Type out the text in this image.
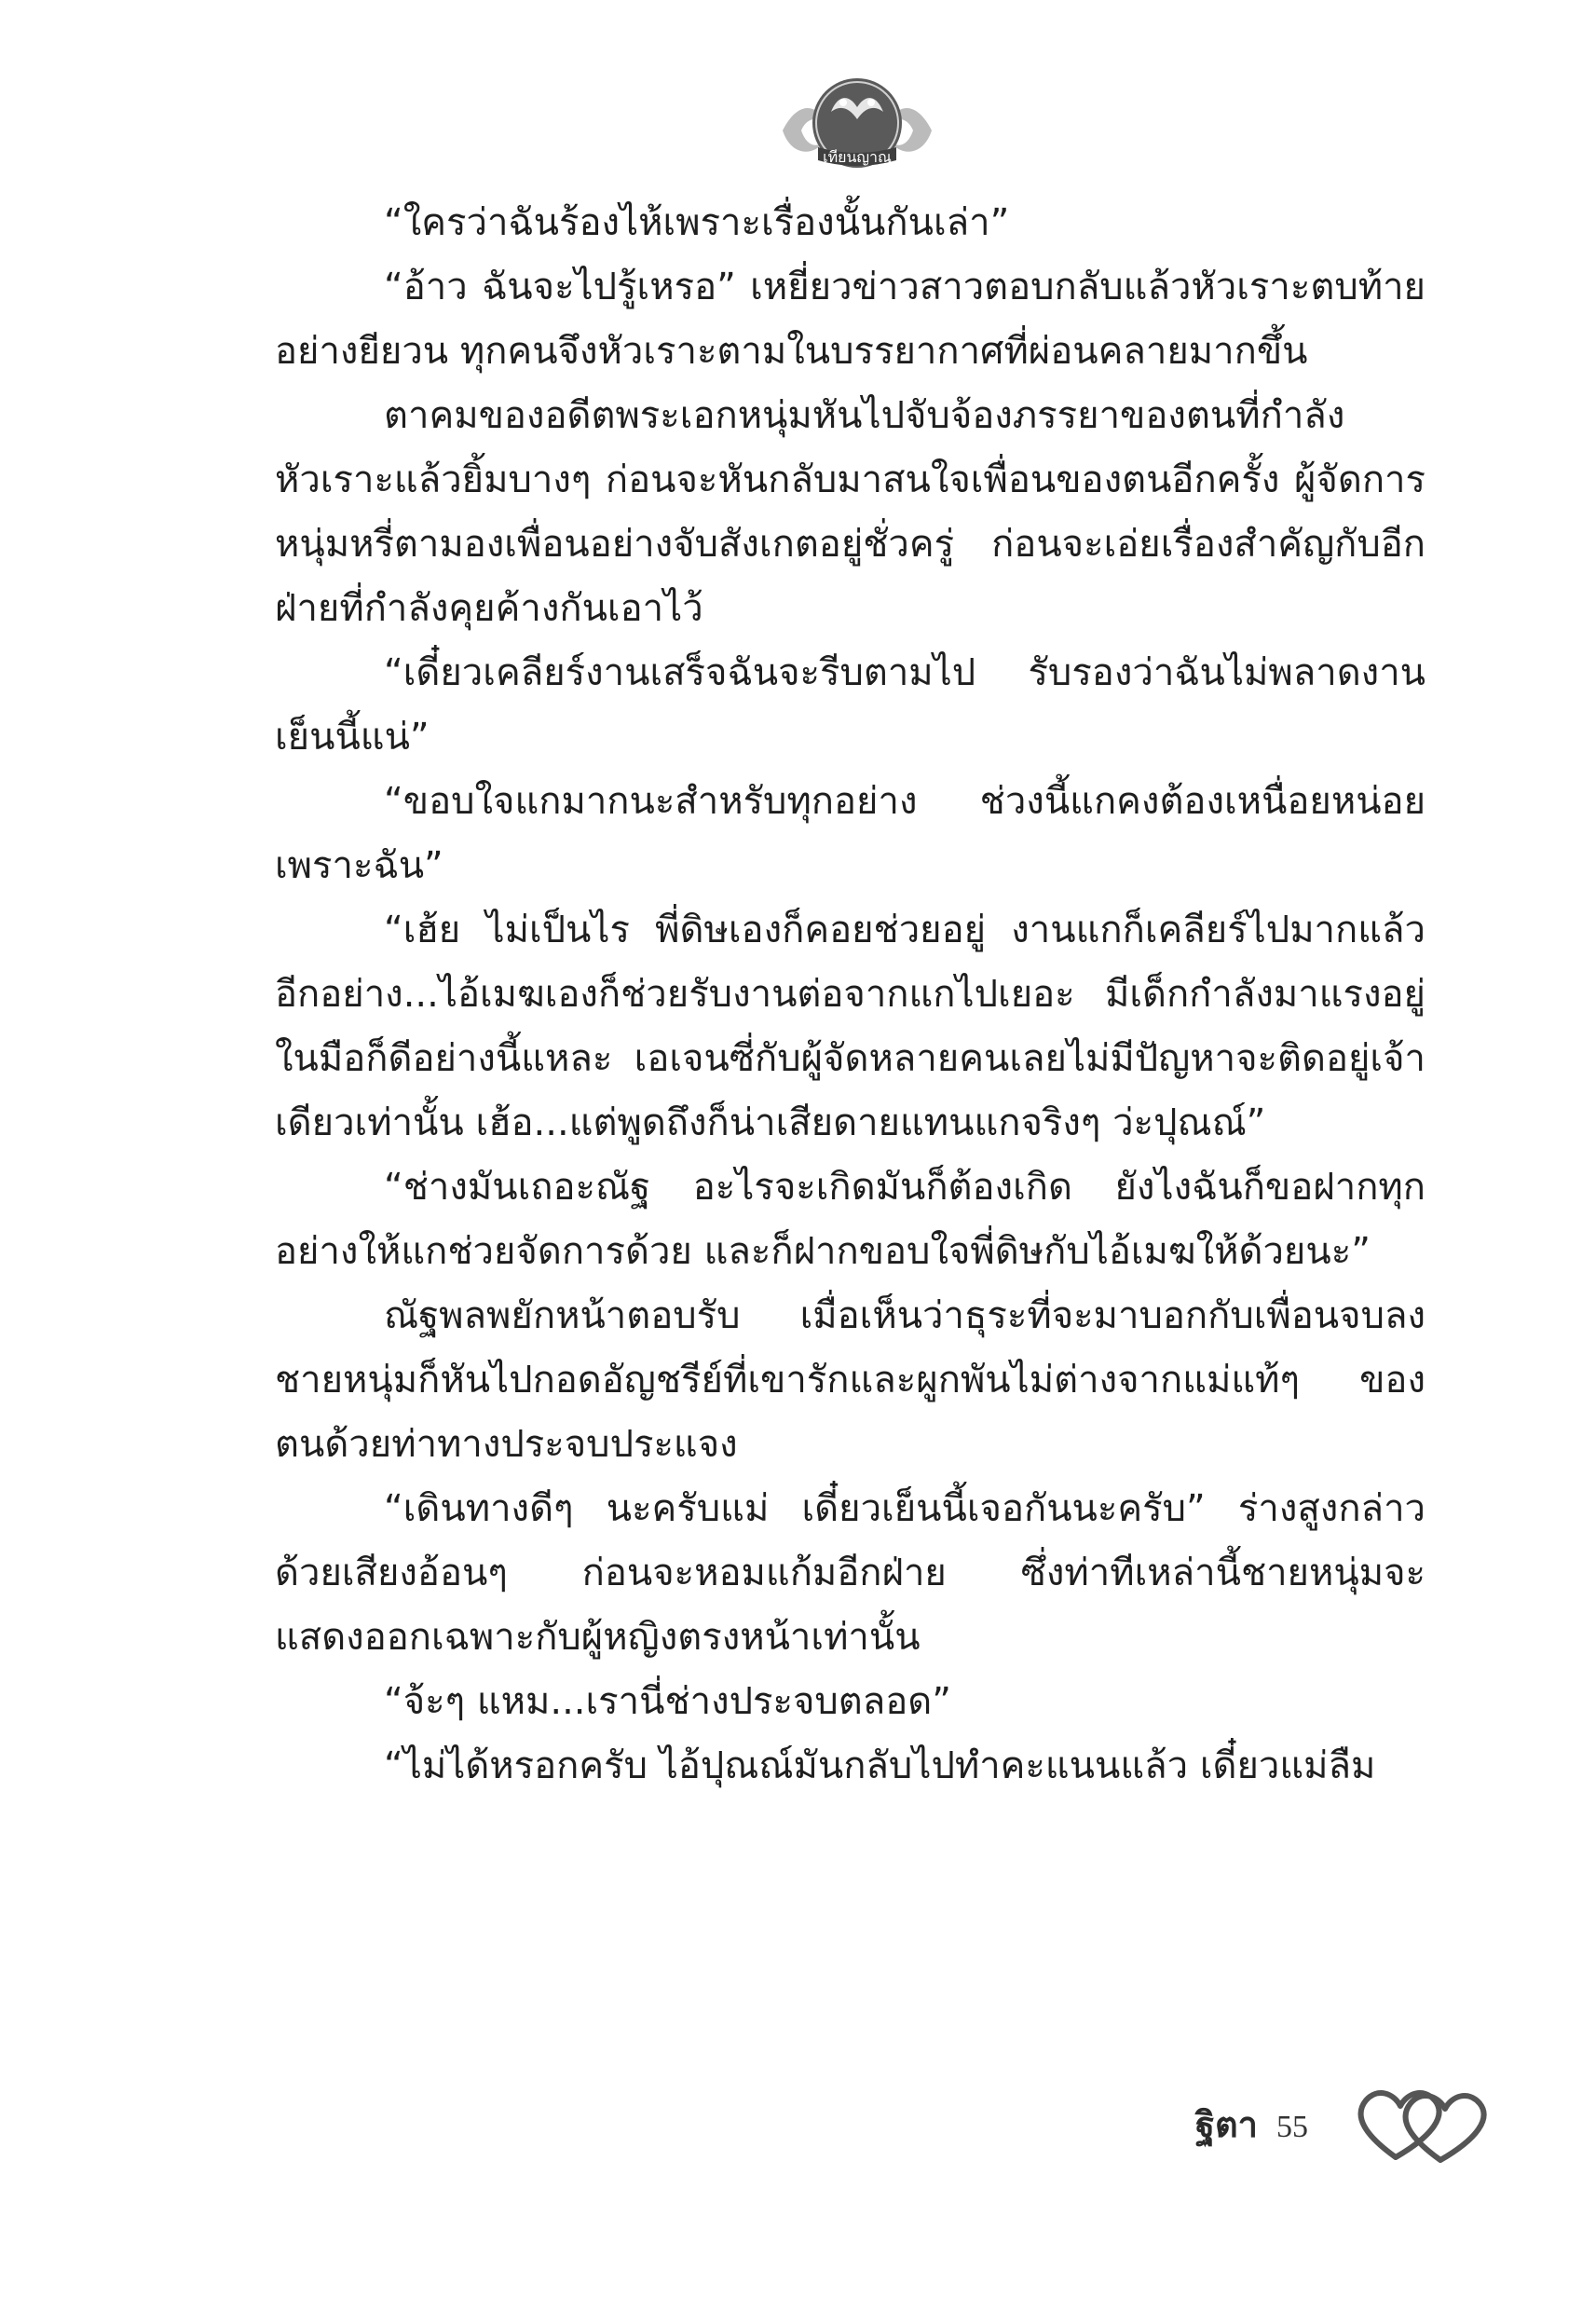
เทียนญาณ

“ใครว่าฉันร้องไห้เพราะเรื่องนั้นกันเล่า”

“อ้าว ฉันจะไปรู้เหรอ” เหยี่ยวข่าวสาวตอบกลับแล้วหัวเราะตบท้ายอย่างยียวน ทุกคนจึงหัวเราะตามในบรรยากาศที่ผ่อนคลายมากขึ้น

ตาคมของอดีตพระเอกหนุ่มหันไปจับจ้องภรรยาของตนที่กำลังหัวเราะแล้วยิ้มบางๆ ก่อนจะหันกลับมาสนใจเพื่อนของตนอีกครั้ง ผู้จัดการหนุ่มหรี่ตามองเพื่อนอย่างจับสังเกตอยู่ชั่วครู่ ก่อนจะเอ่ยเรื่องสำคัญกับอีกฝ่ายที่กำลังคุยค้างกันเอาไว้

“เดี๋ยวเคลียร์งานเสร็จฉันจะรีบตามไป รับรองว่าฉันไม่พลาดงานเย็นนี้แน่”

“ขอบใจแกมากนะสำหรับทุกอย่าง ช่วงนี้แกคงต้องเหนื่อยหน่อยเพราะฉัน”

“เฮ้ย ไม่เป็นไร พี่ดิษเองก็คอยช่วยอยู่ งานแกก็เคลียร์ไปมากแล้ว อีกอย่าง...ไอ้เมฆเองก็ช่วยรับงานต่อจากแกไปเยอะ มีเด็กกำลังมาแรงอยู่ในมือก็ดีอย่างนี้แหละ เอเจนซี่กับผู้จัดหลายคนเลยไม่มีปัญหาจะติดอยู่เจ้าเดียวเท่านั้น เฮ้อ...แต่พูดถึงก็น่าเสียดายแทนแกจริงๆ ว่ะปุณณ์”

“ช่างมันเถอะณัฐ อะไรจะเกิดมันก็ต้องเกิด ยังไงฉันก็ขอฝากทุกอย่างให้แกช่วยจัดการด้วย และก็ฝากขอบใจพี่ดิษกับไอ้เมฆให้ด้วยนะ”

ณัฐพลพยักหน้าตอบรับ เมื่อเห็นว่าธุระที่จะมาบอกกับเพื่อนจบลงชายหนุ่มก็หันไปกอดอัญชรีย์ที่เขารักและผูกพันไม่ต่างจากแม่แท้ๆ ของตนด้วยท่าทางประจบประแจง

“เดินทางดีๆ นะครับแม่ เดี๋ยวเย็นนี้เจอกันนะครับ” ร่างสูงกล่าวด้วยเสียงอ้อนๆ ก่อนจะหอมแก้มอีกฝ่าย ซึ่งท่าทีเหล่านี้ชายหนุ่มจะแสดงออกเฉพาะกับผู้หญิงตรงหน้าเท่านั้น

“จ้ะๆ แหม...เรานี่ช่างประจบตลอด”

“ไม่ได้หรอกครับ ไอ้ปุณณ์มันกลับไปทำคะแนนแล้ว เดี๋ยวแม่ลืม

ฐิตา 55
